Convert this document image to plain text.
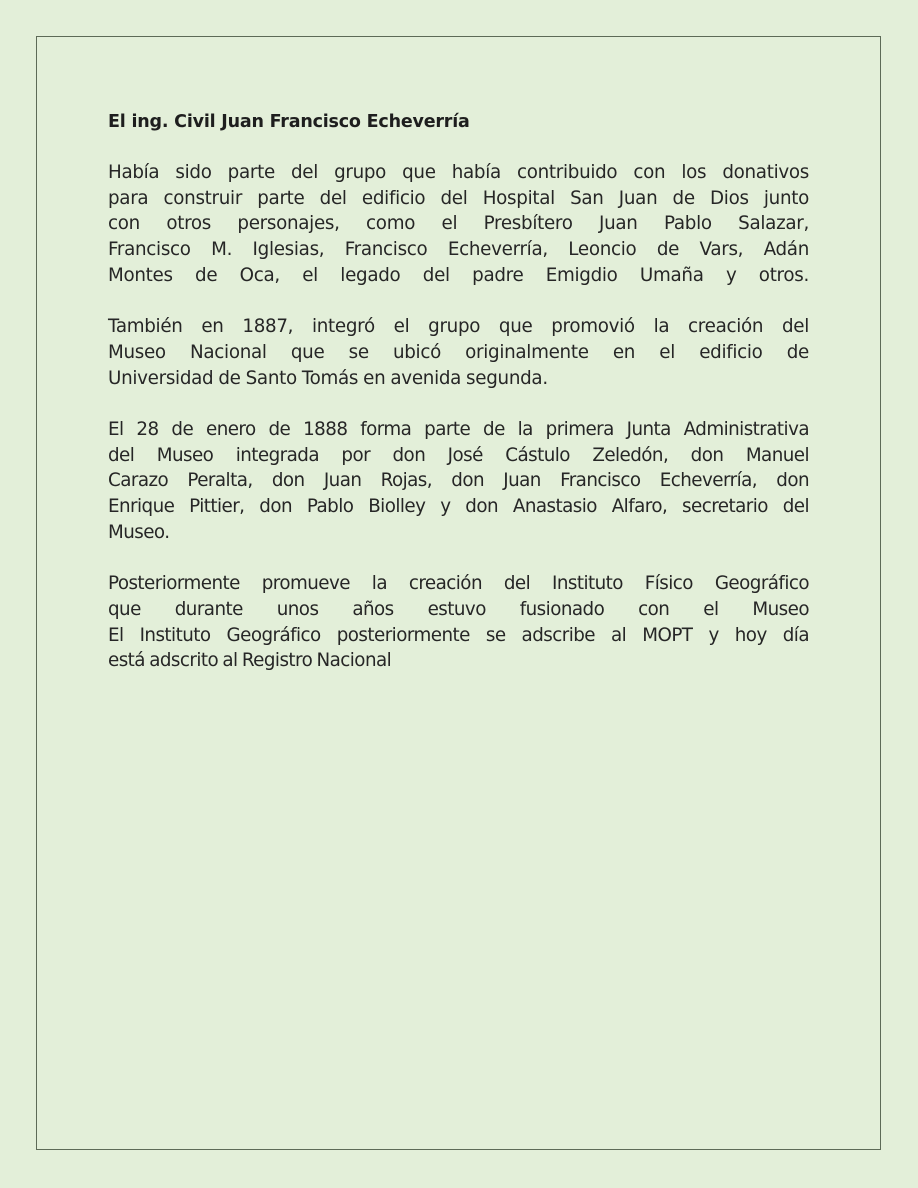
El ing. Civil Juan Francisco Echeverría
Había sido parte del grupo que había contribuido con los donativos
para construir parte del edificio del Hospital San Juan de Dios junto
con otros personajes, como el Presbítero Juan Pablo Salazar,
Francisco M. Iglesias, Francisco Echeverría, Leoncio de Vars, Adán
Montes de Oca, el legado del padre Emigdio Umaña y otros.
También en 1887, integró el grupo que promovió la creación del
Museo Nacional que se ubicó originalmente en el edificio de
Universidad de Santo Tomás en avenida segunda.
El 28 de enero de 1888 forma parte de la primera Junta Administrativa
del Museo integrada por don José Cástulo Zeledón, don Manuel
Carazo Peralta, don Juan Rojas, don Juan Francisco Echeverría, don
Enrique Pittier, don Pablo Biolley y don Anastasio Alfaro, secretario del
Museo.
Posteriormente promueve la creación del Instituto Físico Geográfico
que durante unos años estuvo fusionado con el Museo
El Instituto Geográfico posteriormente se adscribe al MOPT y hoy día
está adscrito al Registro Nacional
